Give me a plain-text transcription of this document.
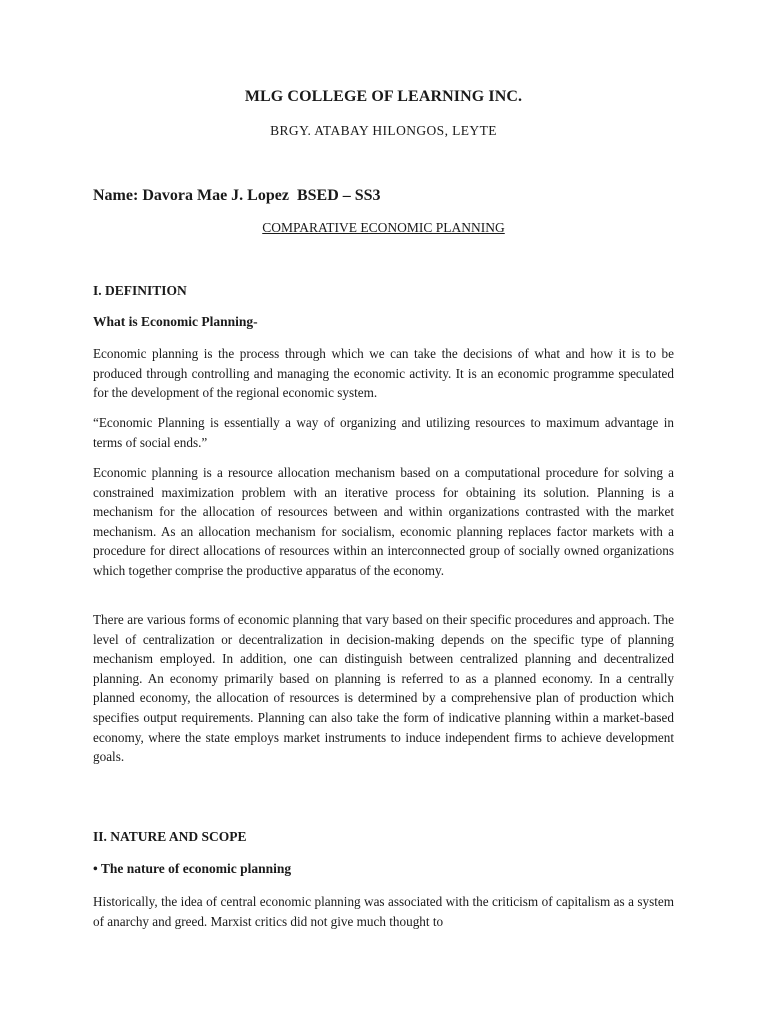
MLG COLLEGE OF LEARNING INC.
BRGY. ATABAY HILONGOS, LEYTE
Name: Davora Mae J. Lopez  BSED – SS3
COMPARATIVE ECONOMIC PLANNING
I. DEFINITION
What is Economic Planning-

Economic planning is the process through which we can take the decisions of what and how it is to be produced through controlling and managing the economic activity. It is an economic programme speculated for the development of the regional economic system.

“Economic Planning is essentially a way of organizing and utilizing resources to maximum advantage in terms of social ends.”

Economic planning is a resource allocation mechanism based on a computational procedure for solving a constrained maximization problem with an iterative process for obtaining its solution. Planning is a mechanism for the allocation of resources between and within organizations contrasted with the market mechanism. As an allocation mechanism for socialism, economic planning replaces factor markets with a procedure for direct allocations of resources within an interconnected group of socially owned organizations which together comprise the productive apparatus of the economy.

There are various forms of economic planning that vary based on their specific procedures and approach. The level of centralization or decentralization in decision-making depends on the specific type of planning mechanism employed. In addition, one can distinguish between centralized planning and decentralized planning. An economy primarily based on planning is referred to as a planned economy. In a centrally planned economy, the allocation of resources is determined by a comprehensive plan of production which specifies output requirements. Planning can also take the form of indicative planning within a market-based economy, where the state employs market instruments to induce independent firms to achieve development goals.

II. NATURE AND SCOPE
• The nature of economic planning

Historically, the idea of central economic planning was associated with the criticism of capitalism as a system of anarchy and greed. Marxist critics did not give much thought to
